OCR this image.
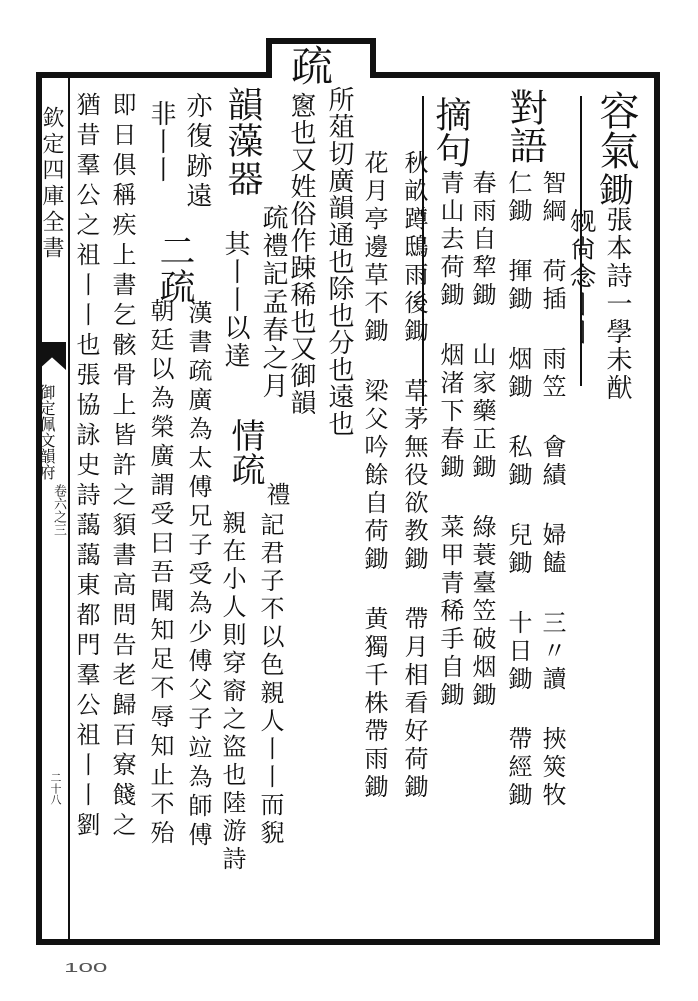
欽定四庫全書
御定佩文韻府
卷六之三
二十八
100
容氣
鋤
張本詩一學未猷
𫌨尚念丨丨
對語
智綱 荷插 雨笠 會績 婦饁 三〃讀 挾筴牧
仁鋤 揮鋤 烟鋤 私鋤 兒鋤 十日鋤 帶經鋤
春雨自犂鋤 山家藥正鋤 綠蓑臺笠破烟鋤
摘句
青山去荷鋤 烟渚下春鋤 菜甲青稀手自鋤
秋畝蹲鴟雨後鋤 草茅無役欲教鋤 帶月相看好荷鋤
花月亭邊草不鋤 梁父吟餘自荷鋤 黄獨千株帶雨鋤
疏
所葅切廣韻通也除也分也遠也
窻也又姓俗作踈稀也又御韻
韻藻
器
疏禮記孟春之月
情疏
禮
其丨丨以達
記君子不以色親人丨丨而貎
亦復跡遠
二疏
漢書疏廣為太傅兄子受為少傅父子竝為師傅 親在小人則穿窬之盜也陸游詩
非丨丨
朝廷以為榮廣謂受曰吾聞知足不辱知止不殆
即日俱稱疾上書乞骸骨上皆許之䫉書高問告老歸百寮餞之
猶昔羣公之祖丨丨也張協詠史詩藹藹東都門羣公祖丨丨劉
